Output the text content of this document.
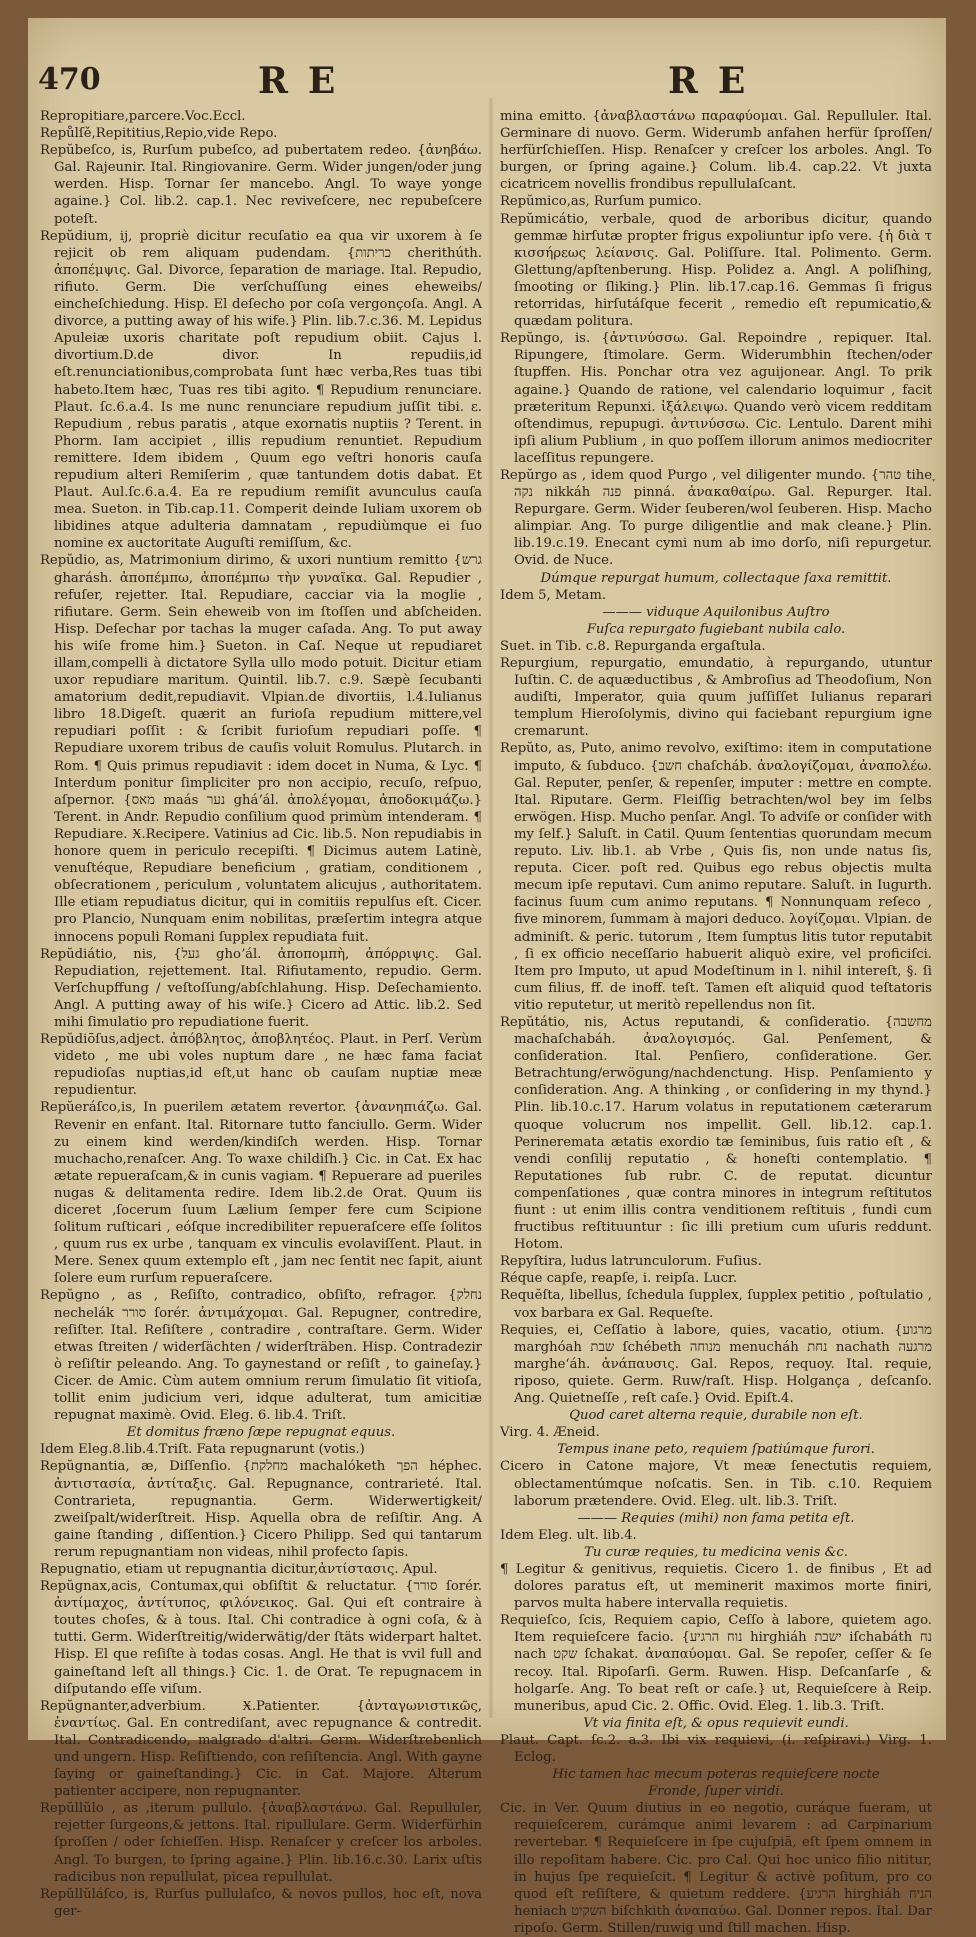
470	RE	RE

Repropitiare,parcere.Voc.Eccl.

Repůlſě,Repititius,Repio,vide Repo.

Repŭbeſco, is, Rurſum pubeſco, ad pubertatem redeo. {ἀνηβάω. Gal. Rajeunir. Ital. Ringiovanire. Germ. Wider jungen/oder jung werden. Hisp. Tornar ſer mancebo. Angl. To waye yonge againe.} Col. lib.2. cap.1. Nec reviveſcere, nec repubeſcere poteſt.

Repŭdium, ij, propriè dicitur recuſatio ea qua vir uxorem à ſe rejicit ob rem aliquam pudendam. {כריתות cherithúth. ἀποπέμψις. Gal. Divorce, ſeparation de mariage. Ital. Repudio, rifiuto. Germ. Die verſchuſſung eines eheweibs/ eincheſchiedung. Hisp. El deſecho por coſa vergonçoſa. Angl. A divorce, a putting away of his wife.} Plin. lib.7.c.36. M. Lepidus Apuleiæ uxoris charitate poſt repudium obiit. Cajus l. divortium.D.de divor. In repudiis,id eſt.renunciationibus,comprobata ſunt hæc verba,Res tuas tibi habeto.Item hæc, Tuas res tibi agito. ¶ Repudium renunciare. Plaut. ſc.6.a.4. Is me nunc renunciare repudium juſſit tibi. ε. Repudium , rebus paratis , atque exornatis nuptiis ? Terent. in Phorm. Iam accipiet , illis repudium renuntiet. Repudium remittere. Idem ibidem , Quum ego veſtri honoris cauſa repudium alteri Remiſerim , quæ tantundem dotis dabat. Et Plaut. Aul.ſc.6.a.4. Ea re repudium remiſit avunculus cauſa mea. Sueton. in Tib.cap.11. Comperit deinde Iuliam uxorem ob libidines atque adulteria damnatam , repudiùmque ei ſuo nomine ex auctoritate Auguſti remiſſum, &c.

Repŭdio, as, Matrimonium dirimo, & uxori nuntium remitto {גרש gharásh. ἀποπέμπω, ἀποπέμπω τὴν γυναῖκα. Gal. Repudier , refuſer, rejetter. Ital. Repudiare, cacciar via la moglie , rifiutare. Germ. Sein eheweib von im ſtoſſen und abſcheiden. Hisp. Deſechar por tachas la muger caſada. Ang. To put away his wiſe frome him.} Sueton. in Caſ. Neque ut repudiaret illam,compelli à dictatore Sylla ullo modo potuit. Dicitur etiam uxor repudiare maritum. Quintil. lib.7. c.9. Sæpè ſecubanti amatorium dedit,repudiavit. Vlpian.de divortiis, l.4.Iulianus libro 18.Digeſt. quærit an furioſa repudium mittere,vel repudiari poſſit : & ſcribit furioſum repudiari poſſe. ¶ Repudiare uxorem tribus de cauſis voluit Romulus. Plutarch. in Rom. ¶ Quis primus repudiavit : idem docet in Numa, & Lyc. ¶ Interdum ponitur ſimpliciter pro non accipio, recuſo, reſpuo, aſpernor. {מאס maás נער gháʼál. ἀπολέγομαι, ἀποδοκιμάζω.} Terent. in Andr. Repudio conſilium quod primùm intenderam. ¶ Repudiare. Ӿ.Recipere. Vatinius ad Cic. lib.5. Non repudiabis in honore quem in periculo recepiſti. ¶ Dicimus autem Latinè, venuſtéque, Repudiare beneficium , gratiam, conditionem , obſecrationem , periculum , voluntatem alicujus , authoritatem. Ille etiam repudiatus dicitur, qui in comitiis repulſus eſt. Cicer. pro Plancio, Nunquam enim nobilitas, præſertim integra atque innocens populi Romani ſupplex repudiata fuit.

Repŭdiátio, nis, {געל ghoʼál. ἀποπομπὴ, ἀπόρριψις. Gal. Repudiation, rejettement. Ital. Rifiutamento, repudio. Germ. Verſchupffung / veſtoſſung/abſchlahung. Hisp. Deſechamiento. Angl. A putting away of his wiſe.} Cicero ad Attic. lib.2. Sed mihi ſimulatio pro repudiatione fuerit.

Repŭdiōſus,adject. ἀπόβλητος, ἀποβλητέος. Plaut. in Perſ. Verùm videto , me ubi voles nuptum dare , ne hæc fama faciat repudioſas nuptias,id eſt,ut hanc ob cauſam nuptiæ meæ repudientur.

Repŭeráſco,is, In puerilem ætatem revertor. {ἀνανηπιάζω. Gal. Revenir en enfant. Ital. Ritornare tutto fanciullo. Germ. Wider zu einem kind werden/kindiſch werden. Hisp. Tornar muchacho,renaſcer. Ang. To waxe childiſh.} Cic. in Cat. Ex hac ætate repueraſcam,& in cunis vagiam. ¶ Repuerare ad pueriles nugas & delitamenta redire. Idem lib.2.de Orat. Quum iis diceret ,ſocerum ſuum Lælium ſemper fere cum Scipione ſolitum ruſticari , eóſque incredibiliter repueraſcere eſſe ſolitos , quum rus ex urbe , tanquam ex vinculis evolaviſſent. Plaut. in Mere. Senex quum extemplo eſt , jam nec ſentit nec ſapit, aiunt ſolere eum rurſum repueraſcere.

Repŭgno , as , Reſiſto, contradico, obſiſto, refragor. {נחלק nechelák סורר ſorér. ἀντιμάχομαι. Gal. Repugner, contredire, reſiſter. Ital. Reſiſtere , contradire , contraſtare. Germ. Wider etwas ſtreiten / widerſächten / widerſträben. Hisp. Contradezir ò reſiſtir peleando. Ang. To gaynestand or reſiſt , to gaineſay.} Cicer. de Amic. Cùm autem omnium rerum ſimulatio ſit vitioſa, tollit enim judicium veri, idque adulterat, tum amicitiæ repugnat maximè. Ovid. Eleg. 6. lib.4. Triſt.

Et domitus fræno ſæpe repugnat equus.

Idem Eleg.8.lib.4.Triſt. Fata repugnarunt (votis.)

Repŭgnantia, æ, Diſſenſio. {מחלקת machalóketh הפך héphec. ἀντιστασία, ἀντίταξις. Gal. Repugnance, contrarieté. Ital. Contrarieta, repugnantia. Germ. Widerwertigkeit/ zweiſpalt/widerſtreit. Hisp. Aquella obra de reſiſtir. Ang. A gaine ſtanding , diſſention.} Cicero Philipp. Sed qui tantarum rerum repugnantiam non videas, nihil profecto ſapis.

Repugnatio, etiam ut repugnantia dicitur,ἀντίστασις. Apul.

Repŭgnax,acis, Contumax,qui obſiſtit & reluctatur. {סורר ſorér. ἀντίμαχος, ἀντίτυπος, φιλόνεικος. Gal. Qui eſt contraire à toutes choſes, & à tous. Ital. Chi contradice à ogni coſa, & à tutti. Germ. Widerſtreitig/widerwätig/der ſtäts widerpart haltet. Hisp. El que reſiſte à todas cosas. Angl. He that is vvil full and gaineſtand leſt all things.} Cic. 1. de Orat. Te repugnacem in diſputando eſſe viſum.

Repŭgnanter,adverbium. Ӿ.Patienter. {ἀνταγωνιστικῶς, ἐναντίως. Gal. En contrediſant, avec repugnance & contredit. Ital. Contradicendo, malgrado d'altri. Germ. Widerſtrebenlich und ungern. Hisp. Reſiſtiendo, con reſiſtencia. Angl. With gayne ſaying or gaineſtanding.} Cic. in Cat. Majore. Alterum patienter accipere, non repugnanter.

Repŭllŭlo , as ,iterum pullulo. {ἀναβλαστάνω. Gal. Repulluler, rejetter ſurgeons,& jettons. Ital. ripullulare. Germ. Widerfürhin ſproſſen / oder ſchieſſen. Hisp. Renaſcer y creſcer los arboles. Angl. To burgen, to ſpring againe.} Plin. lib.16.c.30. Larix uſtis radicibus non repullulat, picea repullulat.

Repŭllŭláſco, is, Rurſus pullulaſco, & novos pullos, hoc eſt, nova ger-

mina emitto. {ἀναβλαστάνω παραφύομαι. Gal. Repulluler. Ital. Germinare di nuovo. Germ. Widerumb anfahen herfür ſproſſen/ herfürſchieſſen. Hisp. Renaſcer y creſcer los arboles. Angl. To burgen, or ſpring againe.} Colum. lib.4. cap.22. Vt juxta cicatricem novellis frondibus repullulaſcant.

Repŭmico,as, Rurſum pumico.

Repŭmicátio, verbale, quod de arboribus dicitur, quando gemmæ hirſutæ propter frigus expoliuntur ipſo vere. {ἡ διὰ τ κισσήρεως λείανσις. Gal. Poliſſure. Ital. Polimento. Germ. Glettung/apſtenberung. Hisp. Polidez a. Angl. A poliſhing, ſmooting or ſliking.} Plin. lib.17.cap.16. Gemmas ſi frigus retorridas, hirſutáſque fecerit , remedio eſt repumicatio,& quædam politura.

Repŭngo, is. {ἀντινύσσω. Gal. Repoindre , repiquer. Ital. Ripungere, ſtimolare. Germ. Widerumbhin ſtechen/oder ſtupffen. His. Ponchar otra vez aguijonear. Angl. To prik againe.} Quando de ratione, vel calendario loquimur , facit præteritum Repunxi. ἰξάλειψω. Quando verò vicem redditam oſtendimus, repupugi. ἀντινύσσω. Cic. Lentulo. Darent mihi ipſi alium Publium , in quo poſſem illorum animos mediocriter laceſſitus repungere.

Repŭrgo as , idem quod Purgo , vel diligenter mundo. {טהר tiheׇ נקה nikkáh פנה pinná. ἀνακαθαίρω. Gal. Repurger. Ital. Repurgare. Germ. Wider ſeuberen/wol ſeuberen. Hisp. Macho alimpiar. Ang. To purge diligentlie and mak cleane.} Plin. lib.19.c.19. Enecant cymi num ab imo dorſo, niſi repurgetur. Ovid. de Nuce.

Dúmque repurgat humum, collectaque ſaxa remittit.

Idem 5, Metam.

——— viduque Aquilonibus Auſtro

Fuſca repurgato fugiebant nubila calo.

Suet. in Tib. c.8. Repurganda ergaſtula.

Repurgium, repurgatio, emundatio, à repurgando, utuntur Iuſtin. C. de aquæductibus , & Ambroſius ad Theodoſium, Non audiſti, Imperator, quia quum juſſiſſet Iulianus reparari templum Hieroſolymis, divino qui faciebant repurgium igne cremarunt.

Repŭto, as, Puto, animo revolvo, exiſtimo: item in computatione imputo, & ſubduco. {חשב chaſcháb. ἀναλογίζομαι, ἀναπολέω. Gal. Reputer, penſer, & repenſer, imputer : mettre en compte. Ital. Riputare. Germ. Fleiſſig betrachten/wol bey im ſelbs erwögen. Hisp. Mucho penſar. Angl. To adviſe or conſider with my ſelf.} Saluſt. in Catil. Quum ſententias quorundam mecum reputo. Liv. lib.1. ab Vrbe , Quis ſis, non unde natus ſis, reputa. Cicer. poſt red. Quibus ego rebus objectis multa mecum ipſe reputavi. Cum animo reputare. Saluſt. in Iugurth. facinus ſuum cum animo reputans. ¶ Nonnunquam reſeco , five minorem, ſummam à majori deduco. λογίζομαι. Vlpian. de adminiſt. & peric. tutorum , Item ſumptus litis tutor reputabit , ſi ex officio neceſſario habuerit aliquò exire, vel proficiſci. Item pro Imputo, ut apud Modeſtinum in l. nihil intereſt, §. ſi cum filius, ff. de inoff. teſt. Tamen eſt aliquid quod teſtatoris vitio reputetur, ut meritò repellendus non ſit.

Repŭtátio, nis, Actus reputandi, & conſideratio. {מחשבה machaſchabáh. ἀναλογισμός. Gal. Penſement, & conſideration. Ital. Penſiero, conſideratione. Ger. Betrachtung/erwögung/nachdenctung. Hisp. Penſamiento y conſideration. Ang. A thinking , or conſidering in my thynd.} Plin. lib.10.c.17. Harum volatus in reputationem cæterarum quoque volucrum nos impellit. Gell. lib.12. cap.1. Perineremata ætatis exordio tæ ſeminibus, ſuis ratio eſt , & vendi conſilij reputatio , & honeſti contemplatio. ¶ Reputationes ſub rubr. C. de reputat. dicuntur compenſationes , quæ contra minores in integrum reſtitutos fiunt : ut enim illis contra venditionem reſtituis , fundi cum fructibus reſtituuntur : ſic illi pretium cum uſuris reddunt. Hotom.

Repyſtira, ludus latrunculorum. Fuſius.

Réque capſe, reapſe, i. reipſa. Lucr.

Requĕſta, libellus, ſchedula ſupplex, ſupplex petitio , poſtulatio , vox barbara ex Gal. Requeſte.

Requies, ei, Ceſſatio à labore, quies, vacatio, otium. {מרגוע marghóah שבת ſchébeth מנוחה menucháh נחת nachath מרגעה margheʻáh. ἀνάπαυσις. Gal. Repos, requoy. Ital. requie, riposo, quiete. Germ. Ruw/raſt. Hisp. Holgança , deſcanſo. Ang. Quietneſſe , reſt caſe.} Ovid. Epiſt.4.

Quod caret alterna requie, durabile non eſt.

Virg. 4. Æneid.

Tempus inane peto, requiem ſpatiúmque furori.

Cicero in Catone majore, Vt meæ ſenectutis requiem, oblectamentúmque noſcatis. Sen. in Tib. c.10. Requiem laborum prætendere. Ovid. Eleg. ult. lib.3. Triſt.

——— Requies (mihi) non fama petita eſt.

Idem Eleg. ult. lib.4.

Tu curæ requies, tu medicina venis &c.

¶ Legitur & genitivus, requietis. Cicero 1. de finibus , Et ad dolores paratus eſt, ut meminerit maximos morte finiri, parvos multa habere intervalla requietis.

Requieſco, ſcis, Requiem capio, Ceſſo à labore, quietem ago. Item requieſcere facio. {נוח הרגיע hirghiáh ישבת iſchabáth נח nach שקט ſchakat. ἀναπαύομαι. Gal. Se repoſer, ceſſer & ſe recoy. Ital. Ripoſarſi. Germ. Ruwen. Hisp. Deſcanſarſe , & holgarſe. Ang. To beat reſt or caſe.} ut, Requieſcere à Reip. muneribus, apud Cic. 2. Offic. Ovid. Eleg. 1. lib.3. Triſt.

Vt via finita eſt, & opus requievit eundi.

Plaut. Capt. ſc.2. a.3. Ibi vix requievi, (i. reſpiravi.) Virg. 1. Eclog.

Hic tamen hac mecum poteras requieſcere nocte

Fronde, ſuper viridi.

Cic. in Ver. Quum diutius in eo negotio, curáque fueram, ut requieſcerem, curámque animi levarem : ad Carpinarium revertebar. ¶ Requieſcere in ſpe cujuſpiā, eſt ſpem omnem in illo repoſitam habere. Cic. pro Cal. Qui hoc unico filio nititur, in hujus ſpe requieſcit. ¶ Legitur & activè poſitum, pro co quod eſt reſiſtere, & quietum reddere. {הרגיע hirghiáh הניח heniach השקיט biſchkith ἀναπαύω. Gal. Donner repos. Ital. Dar ripoſo. Germ. Stillen/ruwig und ſtill machen. Hisp.
